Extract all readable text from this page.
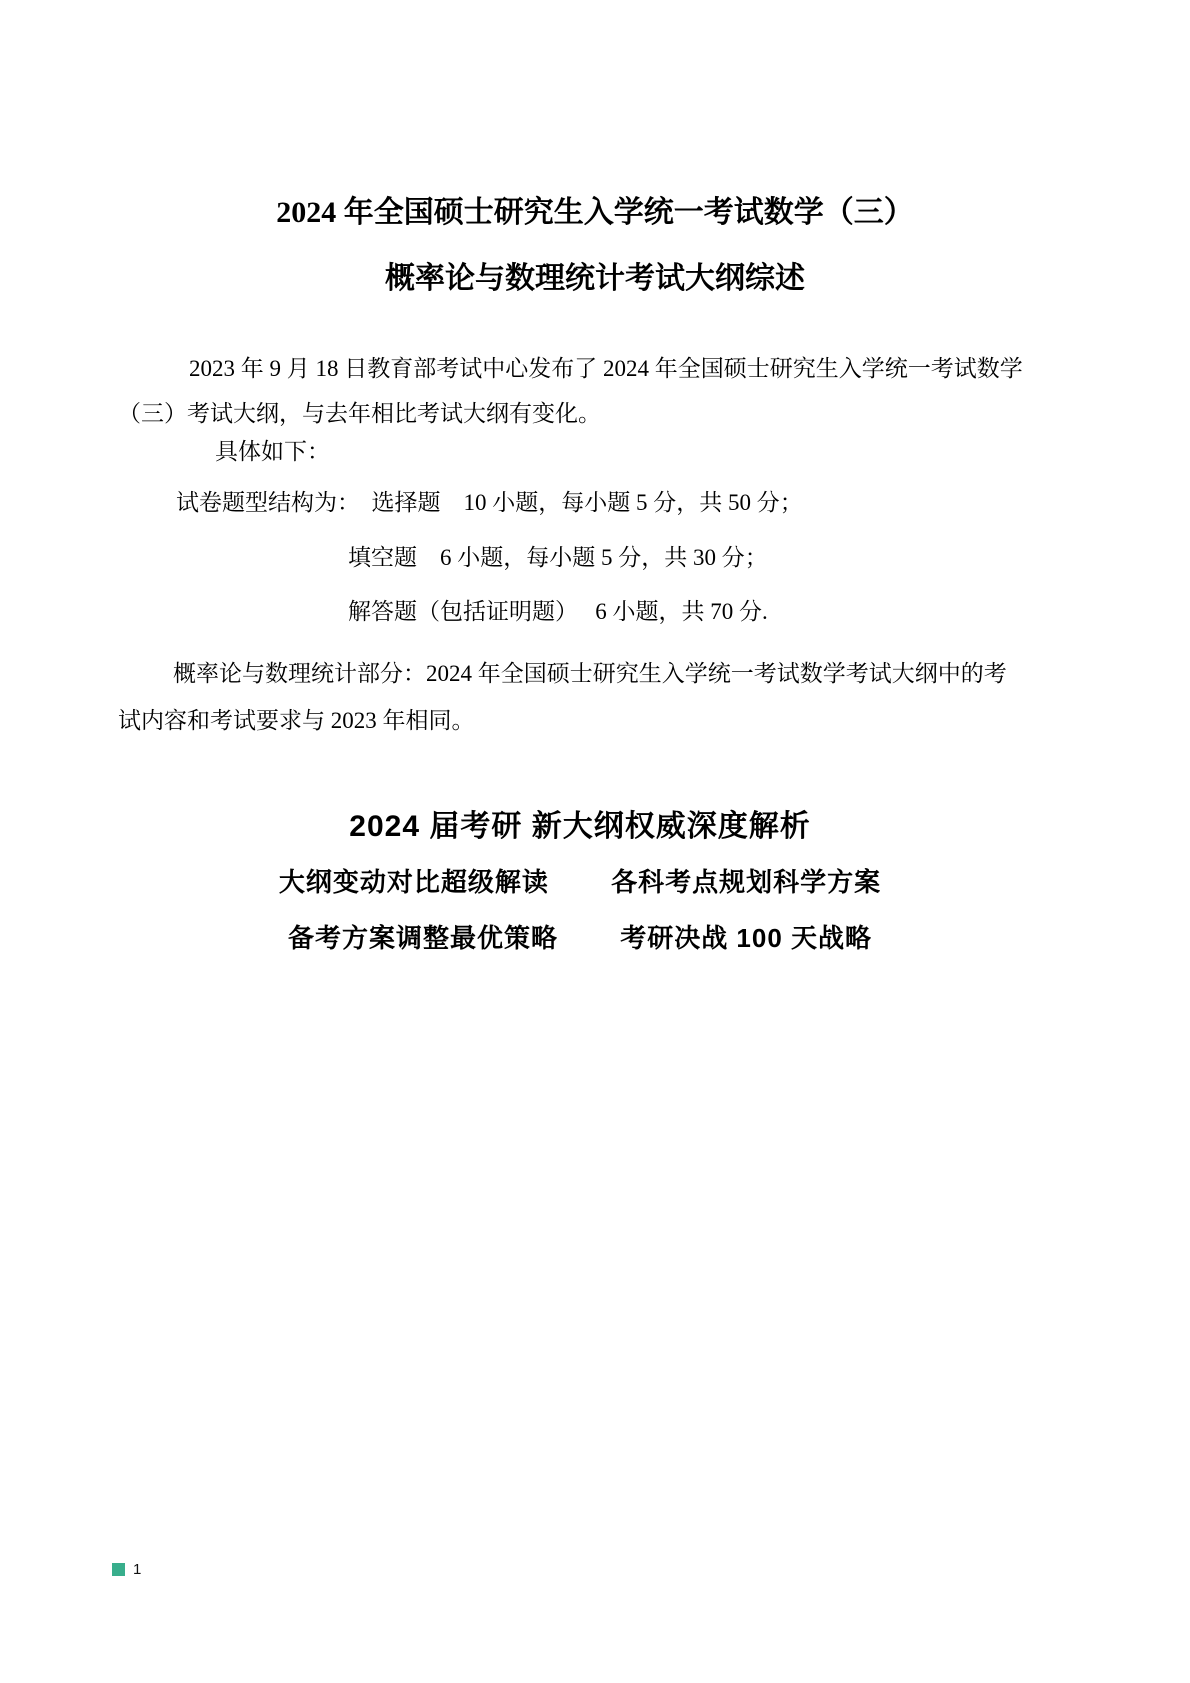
2024 年全国硕士研究生入学统一考试数学（三）
概率论与数理统计考试大纲综述
2023 年 9 月 18 日教育部考试中心发布了 2024 年全国硕士研究生入学统一考试数学
（三）考试大纲，与去年相比考试大纲有变化。
具体如下：
试卷题型结构为：　选择题　10 小题，每小题 5 分，共 50 分；
填空题　6 小题，每小题 5 分，共 30 分；
解答题（包括证明题）　 6 小题，共 70 分.
概率论与数理统计部分：2024 年全国硕士研究生入学统一考试数学考试大纲中的考
试内容和考试要求与 2023 年相同。
2024 届考研 新大纲权威深度解析
大纲变动对比超级解读 各科考点规划科学方案
备考方案调整最优策略 考研决战 100 天战略
1
